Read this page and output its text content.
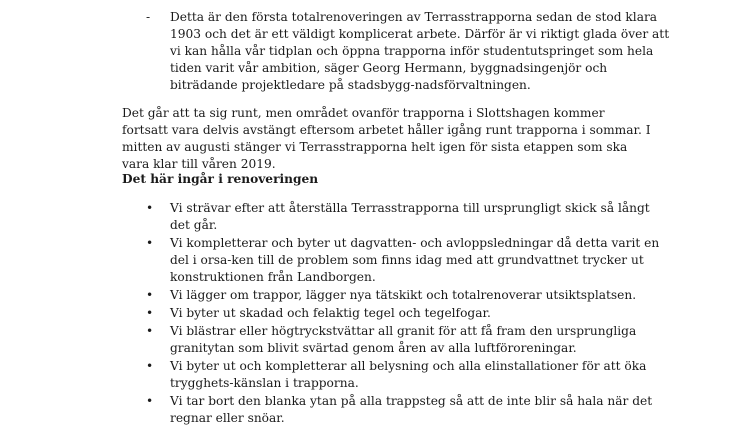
- Detta är den första totalrenoveringen av Terrasstrapporna sedan de stod klara 1903 och det är ett väldigt komplicerat arbete. Därför är vi riktigt glada över att vi kan hålla vår tidplan och öppna trapporna inför studentutspringet som hela tiden varit vår ambition, säger Georg Hermann, byggnadsingenjör och biträdande projektledare på stadsbygg-nadsförvaltningen.
Det går att ta sig runt, men området ovanför trapporna i Slottshagen kommer fortsatt vara delvis avstängt eftersom arbetet håller igång runt trapporna i sommar. I mitten av augusti stänger vi Terrasstrapporna helt igen för sista etappen som ska vara klar till våren 2019.
Det här ingår i renoveringen
• Vi strävar efter att återställa Terrasstrapporna till ursprungligt skick så långt det går.
• Vi kompletterar och byter ut dagvatten- och avloppsledningar då detta varit en del i orsa-ken till de problem som finns idag med att grundvattnet trycker ut konstruktionen från Landborgen.
• Vi lägger om trappor, lägger nya tätskikt och totalrenoverar utsiktsplatsen.
• Vi byter ut skadad och felaktig tegel och tegelfogar.
• Vi blästrar eller högtryckstvättar all granit för att få fram den ursprungliga granitytan som blivit svärtad genom åren av alla luftföroreningar.
• Vi byter ut och kompletterar all belysning och alla elinstallationer för att öka trygghets-känslan i trapporna.
• Vi tar bort den blanka ytan på alla trappsteg så att de inte blir så hala när det regnar eller snöar.
